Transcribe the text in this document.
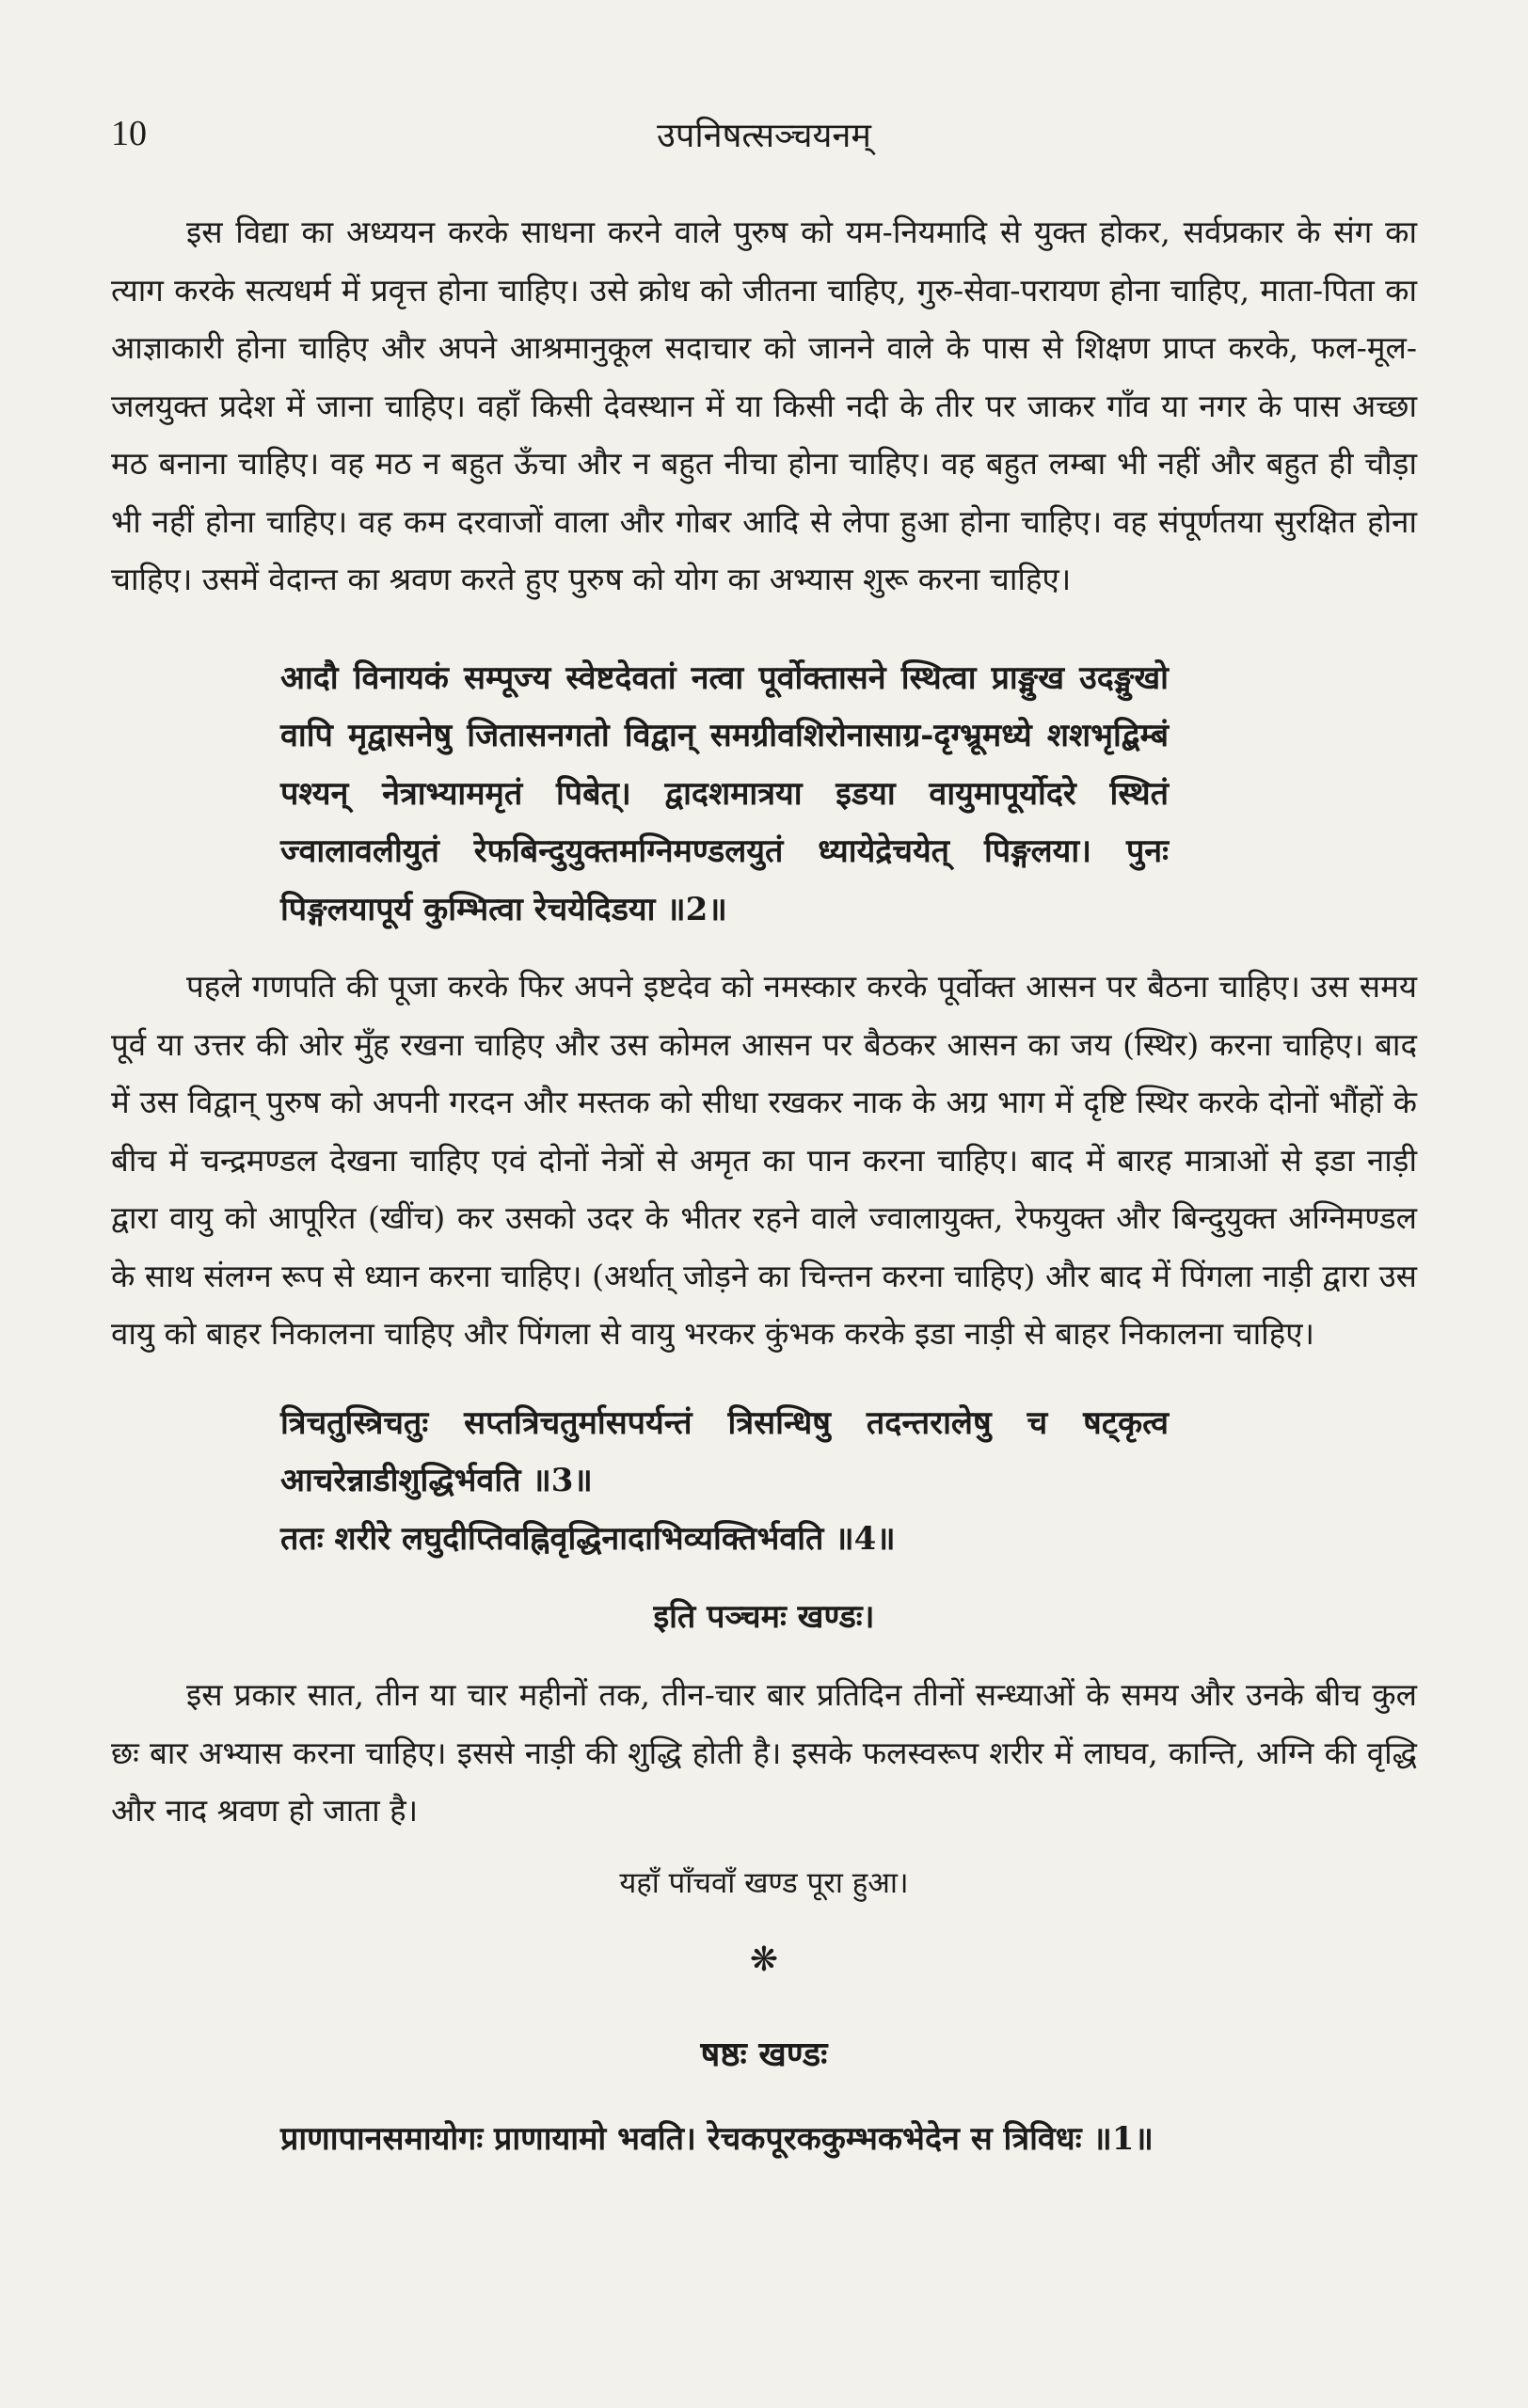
10	उपनिषत्सञ्चयनम्

इस विद्या का अध्ययन करके साधना करने वाले पुरुष को यम-नियमादि से युक्त होकर, सर्वप्रकार के संग का त्याग करके सत्यधर्म में प्रवृत्त होना चाहिए। उसे क्रोध को जीतना चाहिए, गुरु-सेवा-परायण होना चाहिए, माता-पिता का आज्ञाकारी होना चाहिए और अपने आश्रमानुकूल सदाचार को जानने वाले के पास से शिक्षण प्राप्त करके, फल-मूल-जलयुक्त प्रदेश में जाना चाहिए। वहाँ किसी देवस्थान में या किसी नदी के तीर पर जाकर गाँव या नगर के पास अच्छा मठ बनाना चाहिए। वह मठ न बहुत ऊँचा और न बहुत नीचा होना चाहिए। वह बहुत लम्बा भी नहीं और बहुत ही चौड़ा भी नहीं होना चाहिए। वह कम दरवाजों वाला और गोबर आदि से लेपा हुआ होना चाहिए। वह संपूर्णतया सुरक्षित होना चाहिए। उसमें वेदान्त का श्रवण करते हुए पुरुष को योग का अभ्यास शुरू करना चाहिए।

आदौ विनायकं सम्पूज्य स्वेष्टदेवतां नत्वा पूर्वोक्तासने स्थित्वा प्राङ्मुख उदङ्मुखो वापि मृद्वासनेषु जितासनगतो विद्वान् समग्रीवशिरोनासाग्र-दृग्भ्रूमध्ये शशभृद्बिम्बं पश्यन् नेत्राभ्याममृतं पिबेत्। द्वादशमात्रया इडया वायुमापूर्योदरे स्थितं ज्वालावलीयुतं रेफबिन्दुयुक्तमग्निमण्डलयुतं ध्यायेद्रेचयेत् पिङ्गलया। पुनः पिङ्गलयापूर्य कुम्भित्वा रेचयेदिडया ॥2॥

पहले गणपति की पूजा करके फिर अपने इष्टदेव को नमस्कार करके पूर्वोक्त आसन पर बैठना चाहिए। उस समय पूर्व या उत्तर की ओर मुँह रखना चाहिए और उस कोमल आसन पर बैठकर आसन का जय (स्थिर) करना चाहिए। बाद में उस विद्वान् पुरुष को अपनी गरदन और मस्तक को सीधा रखकर नाक के अग्र भाग में दृष्टि स्थिर करके दोनों भौंहों के बीच में चन्द्रमण्डल देखना चाहिए एवं दोनों नेत्रों से अमृत का पान करना चाहिए। बाद में बारह मात्राओं से इडा नाड़ी द्वारा वायु को आपूरित (खींच) कर उसको उदर के भीतर रहने वाले ज्वालायुक्त, रेफयुक्त और बिन्दुयुक्त अग्निमण्डल के साथ संलग्न रूप से ध्यान करना चाहिए। (अर्थात् जोड़ने का चिन्तन करना चाहिए) और बाद में पिंगला नाड़ी द्वारा उस वायु को बाहर निकालना चाहिए और पिंगला से वायु भरकर कुंभक करके इडा नाड़ी से बाहर निकालना चाहिए।

त्रिचतुस्त्रिचतुः सप्तत्रिचतुर्मासपर्यन्तं त्रिसन्धिषु तदन्तरालेषु च षट्कृत्व आचरेन्नाडीशुद्धिर्भवति ॥3॥

ततः शरीरे लघुदीप्तिवह्निवृद्धिनादाभिव्यक्तिर्भवति ॥4॥

इति पञ्चमः खण्डः।

इस प्रकार सात, तीन या चार महीनों तक, तीन-चार बार प्रतिदिन तीनों सन्ध्याओं के समय और उनके बीच कुल छः बार अभ्यास करना चाहिए। इससे नाड़ी की शुद्धि होती है। इसके फलस्वरूप शरीर में लाघव, कान्ति, अग्नि की वृद्धि और नाद श्रवण हो जाता है।

यहाँ पाँचवाँ खण्ड पूरा हुआ।

❋

षष्ठः खण्डः

प्राणापानसमायोगः प्राणायामो भवति। रेचकपूरककुम्भकभेदेन स त्रिविधः ॥1॥
